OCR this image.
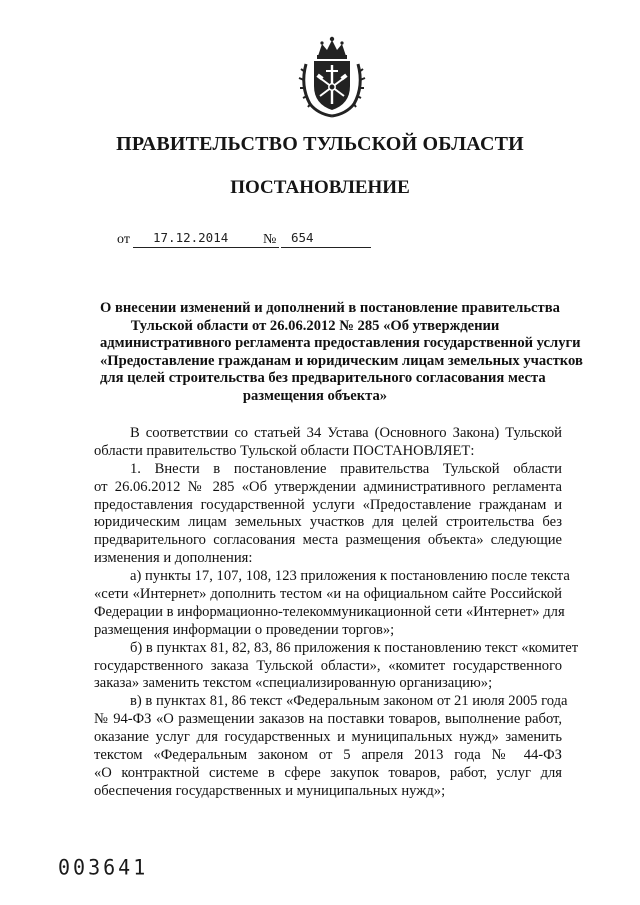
ПРАВИТЕЛЬСТВО ТУЛЬСКОЙ ОБЛАСТИ
ПОСТАНОВЛЕНИЕ
от 17.12.2014 № 654
О внесении изменений и дополнений в постановление правительства
Тульской области от 26.06.2012 № 285 «Об утверждении
административного регламента предоставления государственной услуги
«Предоставление гражданам и юридическим лицам земельных участков
для целей строительства без предварительного согласования места
размещения объекта»
В соответствии со статьей 34 Устава (Основного Закона) Тульской
области правительство Тульской области ПОСТАНОВЛЯЕТ:
1. Внести в постановление правительства Тульской области
от 26.06.2012 № 285 «Об утверждении административного регламента
предоставления государственной услуги «Предоставление гражданам и
юридическим лицам земельных участков для целей строительства без
предварительного согласования места размещения объекта» следующие
изменения и дополнения:
а) пункты 17, 107, 108, 123 приложения к постановлению после текста
«сети «Интернет» дополнить тестом «и на официальном сайте Российской
Федерации в информационно-телекоммуникационной сети «Интернет» для
размещения информации о проведении торгов»;
б) в пунктах 81, 82, 83, 86 приложения к постановлению текст «комитет
государственного заказа Тульской области», «комитет государственного
заказа» заменить текстом «специализированную организацию»;
в) в пунктах 81, 86 текст «Федеральным законом от 21 июля 2005 года
№ 94-ФЗ «О размещении заказов на поставки товаров, выполнение работ,
оказание услуг для государственных и муниципальных нужд» заменить
текстом «Федеральным законом от 5 апреля 2013 года № 44-ФЗ
«О контрактной системе в сфере закупок товаров, работ, услуг для
обеспечения государственных и муниципальных нужд»;
003641
